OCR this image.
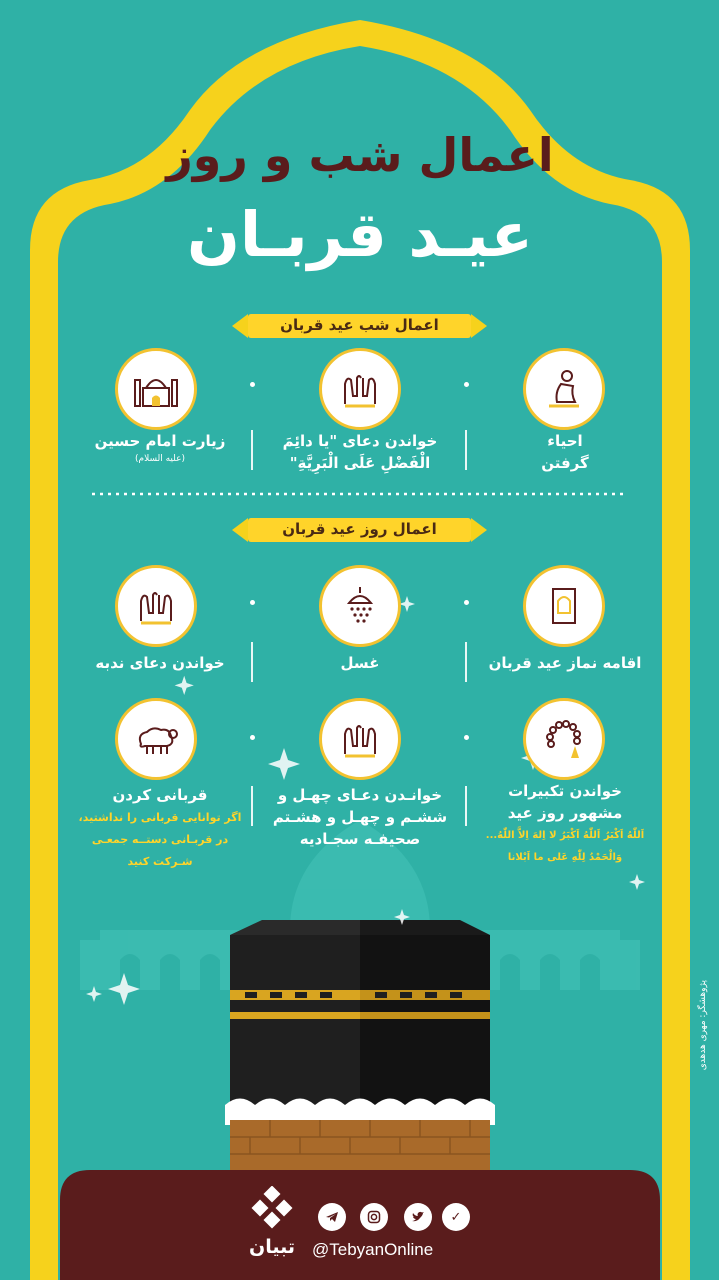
اعمال شب و روز
عیـد قربـان
اعمال شب عید قربان
احیاء
گرفتن
خواندن دعای "یا دائِمَ
الْفَضْلِ عَلَی الْبَرِیَّةِ"
زیارت امام حسین
(علیه السلام)
اعمال روز عید قربان
اقامه نماز عید قربان
غسل
خواندن دعای ندبه
خواندن تکبیرات
مشهور روز عید
اَللّٰهُ اَکْبَرُ اَللّٰهُ اَکْبَرُ لا اِلهَ اِلاَّ اللّٰهُ...
وَالْحَمْدُ لِلّٰهِ عَلی ما اَبْلانا
خوانـدن دعـای چهـل و
ششـم و چهـل و هشـتم
صحیفـه سجـادیه
قربانی کردن
اگر توانایی قربانی را نداشتید،
در قربـانی دستــه جمعـی
شـرکت کنید
تبیان
✓
@TebyanOnline
پژوهشگر: مهری هدهدی
